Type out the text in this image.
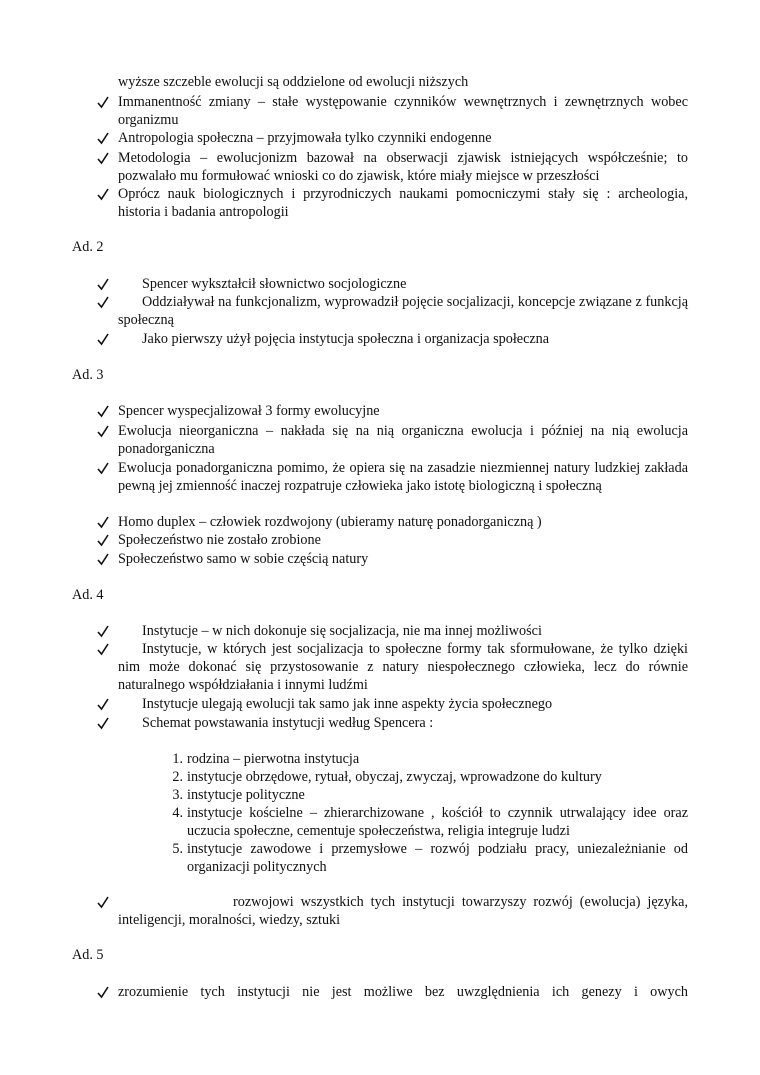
wyższe szczeble ewolucji są oddzielone od ewolucji niższych
Immanentność zmiany – stałe występowanie czynników wewnętrznych i zewnętrznych wobec organizmu
Antropologia społeczna – przyjmowała tylko czynniki endogenne
Metodologia – ewolucjonizm bazował na obserwacji zjawisk istniejących współcześnie; to pozwalało mu formułować wnioski co do zjawisk, które miały miejsce w przeszłości
Oprócz nauk biologicznych i przyrodniczych naukami pomocniczymi stały się : archeologia, historia i badania antropologii
Ad. 2
Spencer wykształcił słownictwo socjologiczne
Oddziaływał na funkcjonalizm, wyprowadził pojęcie socjalizacji, koncepcje związane z funkcją społeczną
Jako pierwszy użył pojęcia instytucja społeczna i organizacja społeczna
Ad. 3
Spencer wyspecjalizował 3 formy ewolucyjne
Ewolucja nieorganiczna – nakłada się na nią organiczna ewolucja i później na nią ewolucja ponadorganiczna
Ewolucja ponadorganiczna pomimo, że opiera się na zasadzie niezmiennej natury ludzkiej zakłada pewną jej zmienność inaczej rozpatruje człowieka jako istotę biologiczną i społeczną
Homo duplex – człowiek rozdwojony (ubieramy naturę ponadorganiczną )
Społeczeństwo nie zostało zrobione
Społeczeństwo samo w sobie częścią natury
Ad. 4
Instytucje – w nich dokonuje się socjalizacja, nie ma innej możliwości
Instytucje, w których jest socjalizacja to społeczne formy tak sformułowane, że tylko dzięki nim może dokonać się przystosowanie z natury niespołecznego człowieka, lecz do równie naturalnego współdziałania i innymi ludźmi
Instytucje ulegają ewolucji tak samo jak inne aspekty życia społecznego
Schemat powstawania instytucji według Spencera :
1. rodzina – pierwotna instytucja
2. instytucje obrzędowe, rytuał, obyczaj, zwyczaj, wprowadzone do kultury
3. instytucje polityczne
4. instytucje kościelne – zhierarchizowane , kościół to czynnik utrwalający idee oraz uczucia społeczne, cementuje społeczeństwa, religia integruje ludzi
5. instytucje zawodowe i przemysłowe – rozwój podziału pracy, uniezależnianie od organizacji politycznych
rozwojowi wszystkich tych instytucji towarzyszy rozwój (ewolucja) języka, inteligencji, moralności, wiedzy, sztuki
Ad. 5
zrozumienie tych instytucji nie jest możliwe bez uwzględnienia ich genezy i owych
